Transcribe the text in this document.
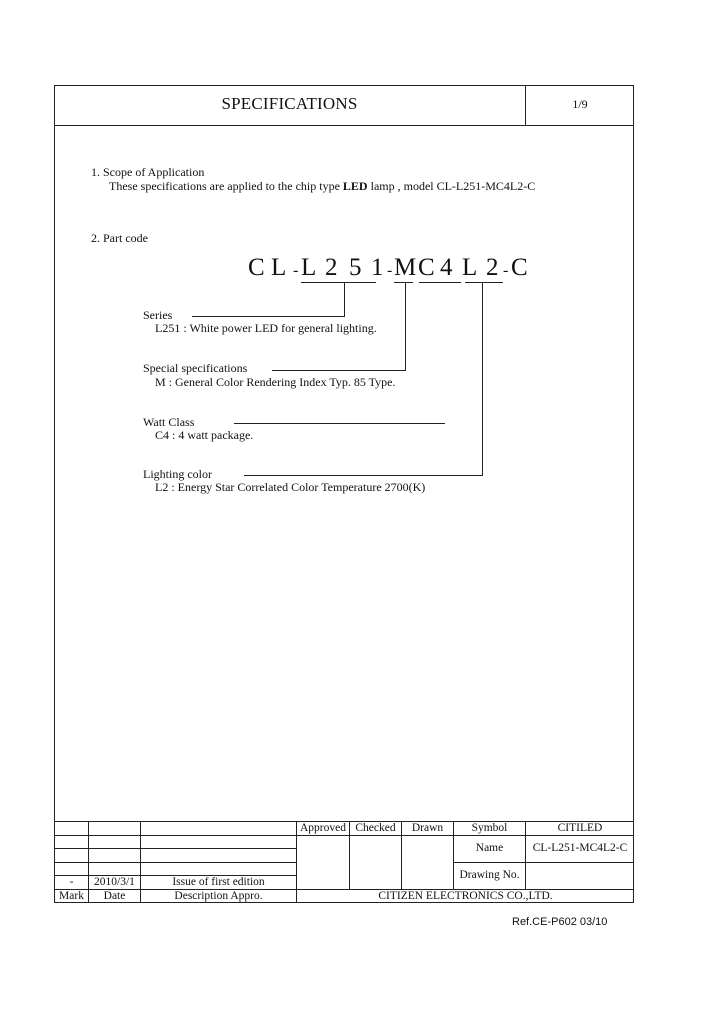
SPECIFICATIONS	1/9
1. Scope of Application
These specifications are applied to the chip type LED lamp , model CL-L251-MC4L2-C
2. Part code
C L - L 2 5 1 - M C 4 L 2 - C
Series
L251 : White power LED for general lighting.
Special specifications
M : General Color Rendering Index Typ. 85 Type.
Watt Class
C4 : 4 watt package.
Lighting color
L2 : Energy Star Correlated Color Temperature 2700(K)
Approved Checked	Drawn	Symbol	CITILED
Name	CL-L251-MC4L2-C
Drawing No.
-	2010/3/1	Issue of first edition
Mark	Date	Description Appro.	CITIZEN ELECTRONICS CO.,LTD.
Ref.CE-P602 03/10
